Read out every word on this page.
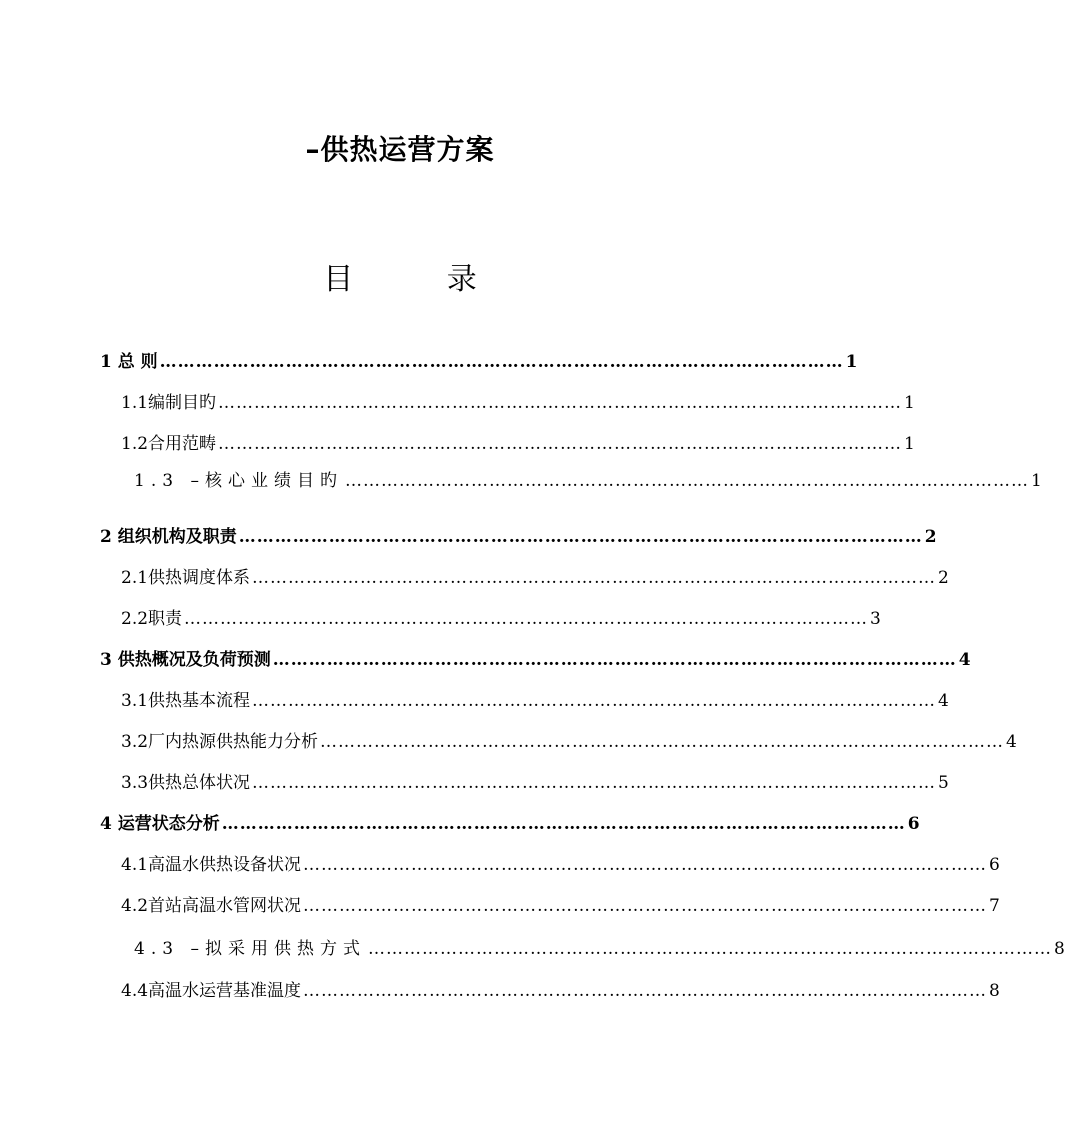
–供热运营方案
目 录
1 总 则 …………………………………………………………………………………………………… 1
1.1编制目旳 …………………………………………………………………………………………………… 1
1.2合用范畴 …………………………………………………………………………………………………… 1
1.3 –核心业绩目旳 …………………………………………………………………………………………………… 1
2 组织机构及职责 …………………………………………………………………………………………………… 2
2.1供热调度体系 …………………………………………………………………………………………………… 2
2.2职责 …………………………………………………………………………………………………… 3
3 供热概况及负荷预测 …………………………………………………………………………………………………… 4
3.1供热基本流程 …………………………………………………………………………………………………… 4
3.2厂内热源供热能力分析 …………………………………………………………………………………………………… 4
3.3供热总体状况 …………………………………………………………………………………………………… 5
4 运营状态分析 …………………………………………………………………………………………………… 6
4.1高温水供热设备状况 …………………………………………………………………………………………………… 6
4.2首站高温水管网状况 …………………………………………………………………………………………………… 7
4.3 –拟采用供热方式 …………………………………………………………………………………………………… 8
4.4高温水运营基准温度 …………………………………………………………………………………………………… 8
